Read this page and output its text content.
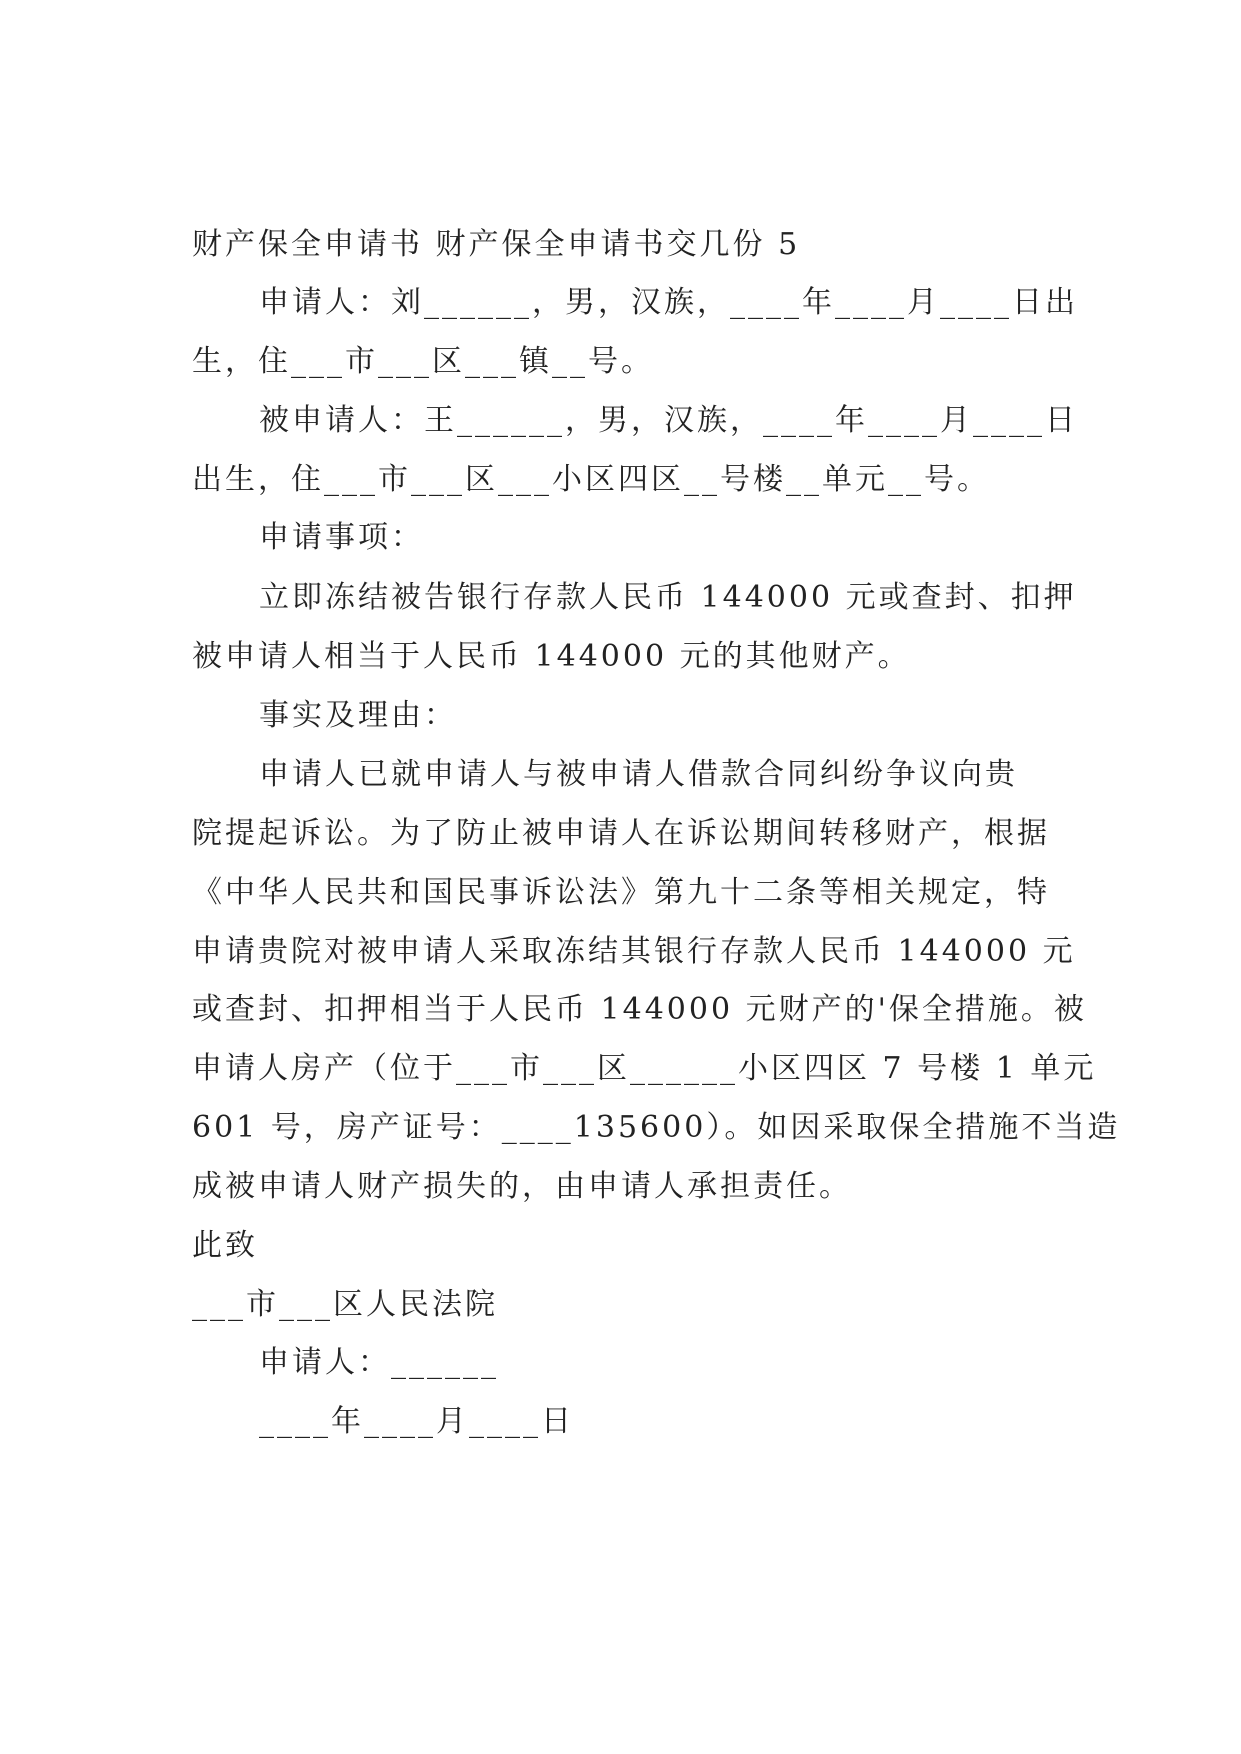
财产保全申请书 财产保全申请书交几份 5
申请人：刘______，男，汉族，____年____月____日出
生，住___市___区___镇__号。
被申请人：王______，男，汉族，____年____月____日
出生，住___市___区___小区四区__号楼__单元__号。
申请事项：
立即冻结被告银行存款人民币 144000 元或查封、扣押
被申请人相当于人民币 144000 元的其他财产。
事实及理由：
申请人已就申请人与被申请人借款合同纠纷争议向贵
院提起诉讼。为了防止被申请人在诉讼期间转移财产，根据
《中华人民共和国民事诉讼法》第九十二条等相关规定，特
申请贵院对被申请人采取冻结其银行存款人民币 144000 元
或查封、扣押相当于人民币 144000 元财产的'保全措施。被
申请人房产（位于___市___区______小区四区 7 号楼 1 单元
601 号，房产证号：____135600）。如因采取保全措施不当造
成被申请人财产损失的，由申请人承担责任。
此致
___市___区人民法院
申请人：______
____年____月____日
